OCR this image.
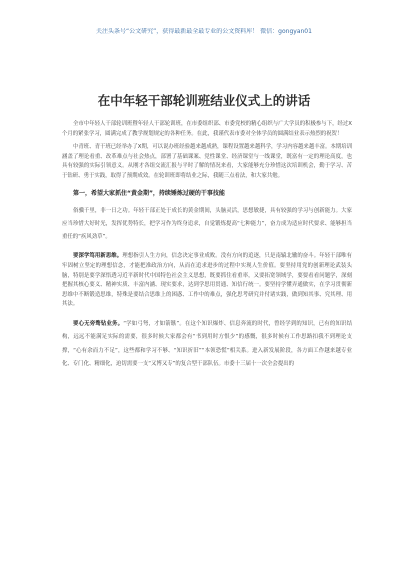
关注头条号“公文研究”，获得最新最全最专业的公文资料库！ 微信：gongyan01
在中年轻干部轮训班结业仪式上的讲话

全市中年轻人干部轮训班暨年轻人干部轮训班，在市委组织部、市委党校的精心组织与广大学员的积极参与下，经过X个月的紧张学习，圆满完成了教学规划规定的各种任务。在此，我谨代表市委对全体学员的圆满结业表示热烈的祝贺！

中青班、青干班已经举办了X期，可以说办班经验越来越成熟，课程设置越来越科学，学习内容越来越丰富。本期培训涵盖了理论看重、改革难点与社会热点，部署了基础课案、党性课堂、经济课堂与一线课堂，既富有一定的理论高度，也具有较强的实际引领意义。从刚才各组交流汇报与平时了解的情况来看，大家能够充分珍惜这次培训机会，勤于学习、苦于钻研、勇于实践，取得了预期成效。在轮训班即将结业之际，我随三点看法，和大家共勉。

第一，希望大家抓住“黄金期”，持续锤炼过硬的干事技能

俗骥千里，非一日之功。年轻干部正处于成长的黄金期间，头脑灵活，思想敏捷，具有较强的学习与创新能力。大家应当珍惜大好时光，发挥优势特长，把学习作为终身追求，自觉锻炼提高“七种能力”，奋力成为适应时代要求、能够担当重任的“疾风劲草”。

要深学笃用新思维。理想指引人生方向，信念决定事业成败。没有方向的追逐，只是南辕北辙的奋斗。年轻干部唯有牢固树立坚定的理想信念，才能把准政治方向，从而在追求进步的过程中实现人生价值。要坚持用党的创新理论武装头脑，特别是要学深悟透习近平新时代中国特色社会主义思想，既要抓住看重率，又要拓宽领域学，要要看看问题学，深刻把握其核心要义、精神实质、丰富内涵、现实要求，达到学思用贯通、知信行统一。要坚持学懂弄通做实，在学习贯彻新思维中不断锻造思维，特殊是要结合思维上的困惑、工作中的难点，强化思考研究并付诸实践，做到知其事、究其理、用其法。

要心无旁骛钻业务。“学如弓弩，才如箭镞”。在这个知识爆炸、信息奔流的时代，曾经学到的知识，已有的知识结构，远远不能满足实际的需要，很多时候大家都会有“书到用时方恨少”的感慨，很多时候有工作思路扣我不到理论支撑，“心有余而力不足”，这些都和学习不够、“知识折旧”“本领恐慌”相关系。进入新发展阶段，各方面工作越来越专业化、专门化、精细化，迫切需要一支“又博又专”的复合型干部队伍。市委十三届十一次全会提出的
